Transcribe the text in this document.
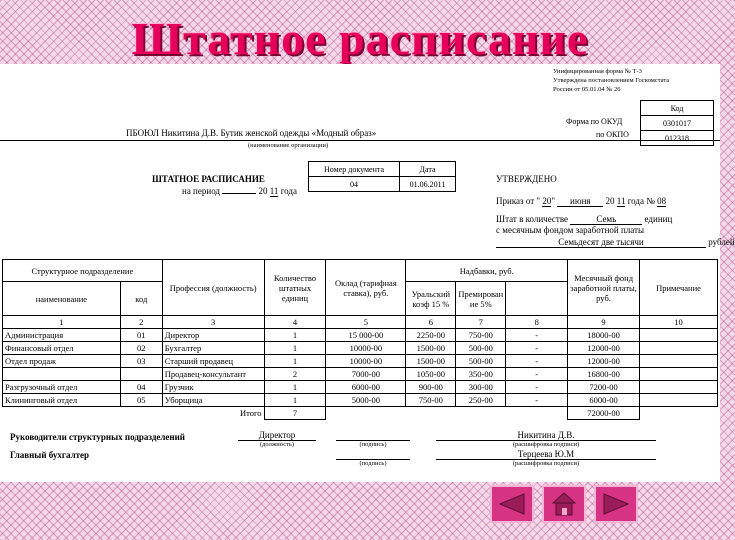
Штатное расписание
Унифицированная форма № Т-3
Утверждена постановлением Госкомстата
России от 05.01.04 № 26
Код
0301017
012318
Форма по ОКУД
по ОКПО
ПБОЮЛ Никитина Д.В. Бутик женской одежды «Модный образ»
(наименование организации)
Номер документа	Дата
04	01.06.2011
ШТАТНОЕ РАСПИСАНИЕ
на период	20 11 года
УТВЕРЖДЕНО
Приказ от " 20" июня 20 11 года № 08
Штат в количестве	Семь	единиц
с месячным фондом заработной платы
Семьдесят две тысячи	рублей
Структурное подразделение		Профессия (должность)	Количество штатных единиц	Оклад (тарифная ставка), руб.	Надбавки, руб.			Месячный фонд заработной платы, руб.	Примечание
наименование	код				Уральский коэф 15 %	Премирован ие 5%			
1	2	3	4	5	6	7	8	9	10
Администрация	01	Директор	1	15 000-00	2250-00	750-00	-	18000-00	
Финансовый отдел	02	Бухгалтер	1	10000-00	1500-00	500-00	-	12000-00	
Отдел продаж	03	Старший продавец	1	10000-00	1500-00	500-00	-	12000-00	
		Продавец-консультант	2	7000-00	1050-00	350-00	-	16800-00	
Разгрузочный отдел	04	Грузчик	1	6000-00	900-00	300-00	-	7200-00	
Клининговый отдел	05	Уборщица	1	5000-00	750-00	250-00	-	6000-00	
Итого			7					72000-00	
Руководители структурных подразделений	Директор
(должность)	(подпись)
Никитина Д.В.
(расшифровка подписи)
Главный бухгалтер
(подпись)
Терцеева Ю.М
(расшифровка подписи)
